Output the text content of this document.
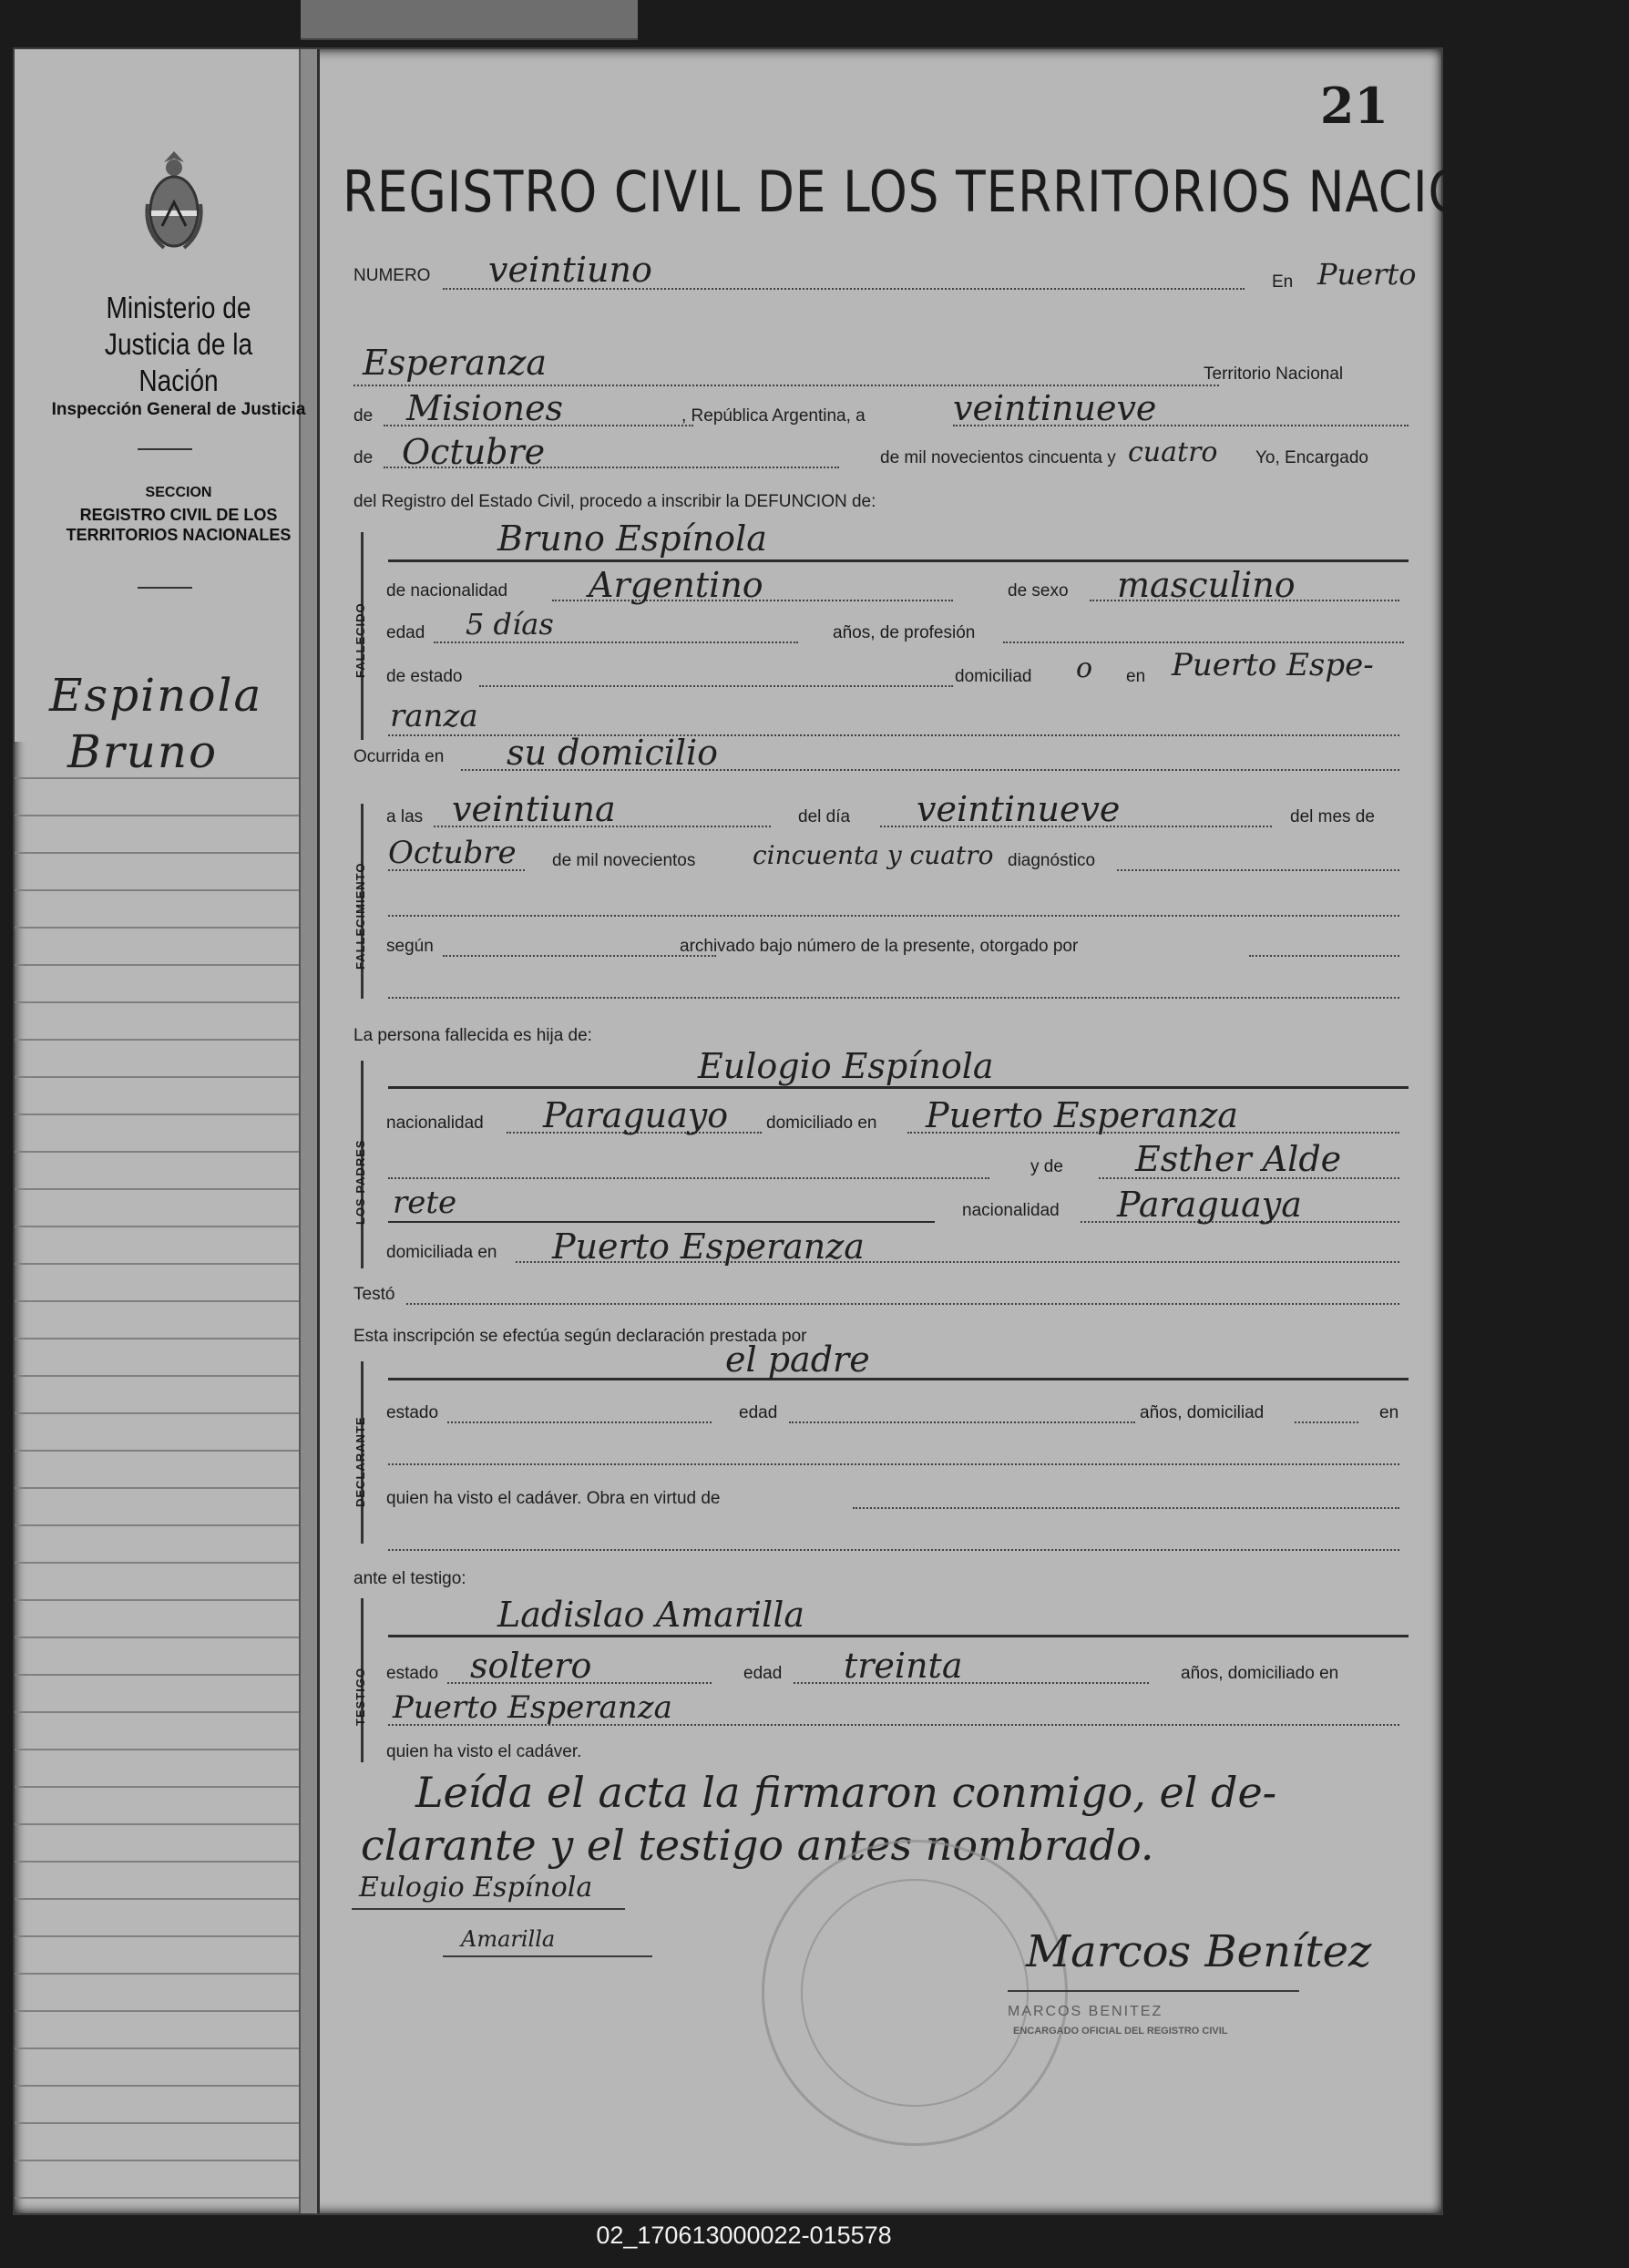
Ministerio de Justicia de la Nación
Inspección General de Justicia
SECCION
REGISTRO CIVIL DE LOS TERRITORIOS NACIONALES
Espinola
Bruno
21
REGISTRO CIVIL DE LOS TERRITORIOS NACIONALES
NUMERO veintiuno	En Puerto
Esperanza	Territorio Nacional
de Misiones	, República Argentina, a	veintinueve
de Octubre	de mil novecientos cincuenta y cuatro Yo, Encargado
del Registro del Estado Civil, procedo a inscribir la DEFUNCION de:
FALLECIDO
Bruno Espínola
de nacionalidad Argentino	de sexo masculino
edad 5 días	años, de profesión
de estado	domiciliad o en Puerto Espe-
ranza
Ocurrida en su domicilio
FALLECIMIENTO
a las veintiuna	del día veintinueve	del mes de
Octubre de mil novecientos cincuenta y cuatro diagnóstico
según	archivado bajo número de la presente, otorgado por
La persona fallecida es hija de:
LOS PADRES
Eulogio Espínola
nacionalidad Paraguayo domiciliado en Puerto Esperanza
y de Esther Alde
rete	nacionalidad Paraguaya
domiciliada en Puerto Esperanza
Testó
Esta inscripción se efectúa según declaración prestada por
DECLARANTE
el padre
estado	edad	años, domiciliad	en
quien ha visto el cadáver. Obra en virtud de
ante el testigo:
TESTIGO
Ladislao Amarilla
estado soltero	edad treinta	años, domiciliado en
Puerto Esperanza
quien ha visto el cadáver.
Leída el acta la firmaron conmigo, el de-
clarante y el testigo antes nombrado.
Eulogio Espínola
Amarilla	Marcos Benítez
MARCOS BENITEZ
ENCARGADO OFICIAL DEL REGISTRO CIVIL
02_170613000022-015578
